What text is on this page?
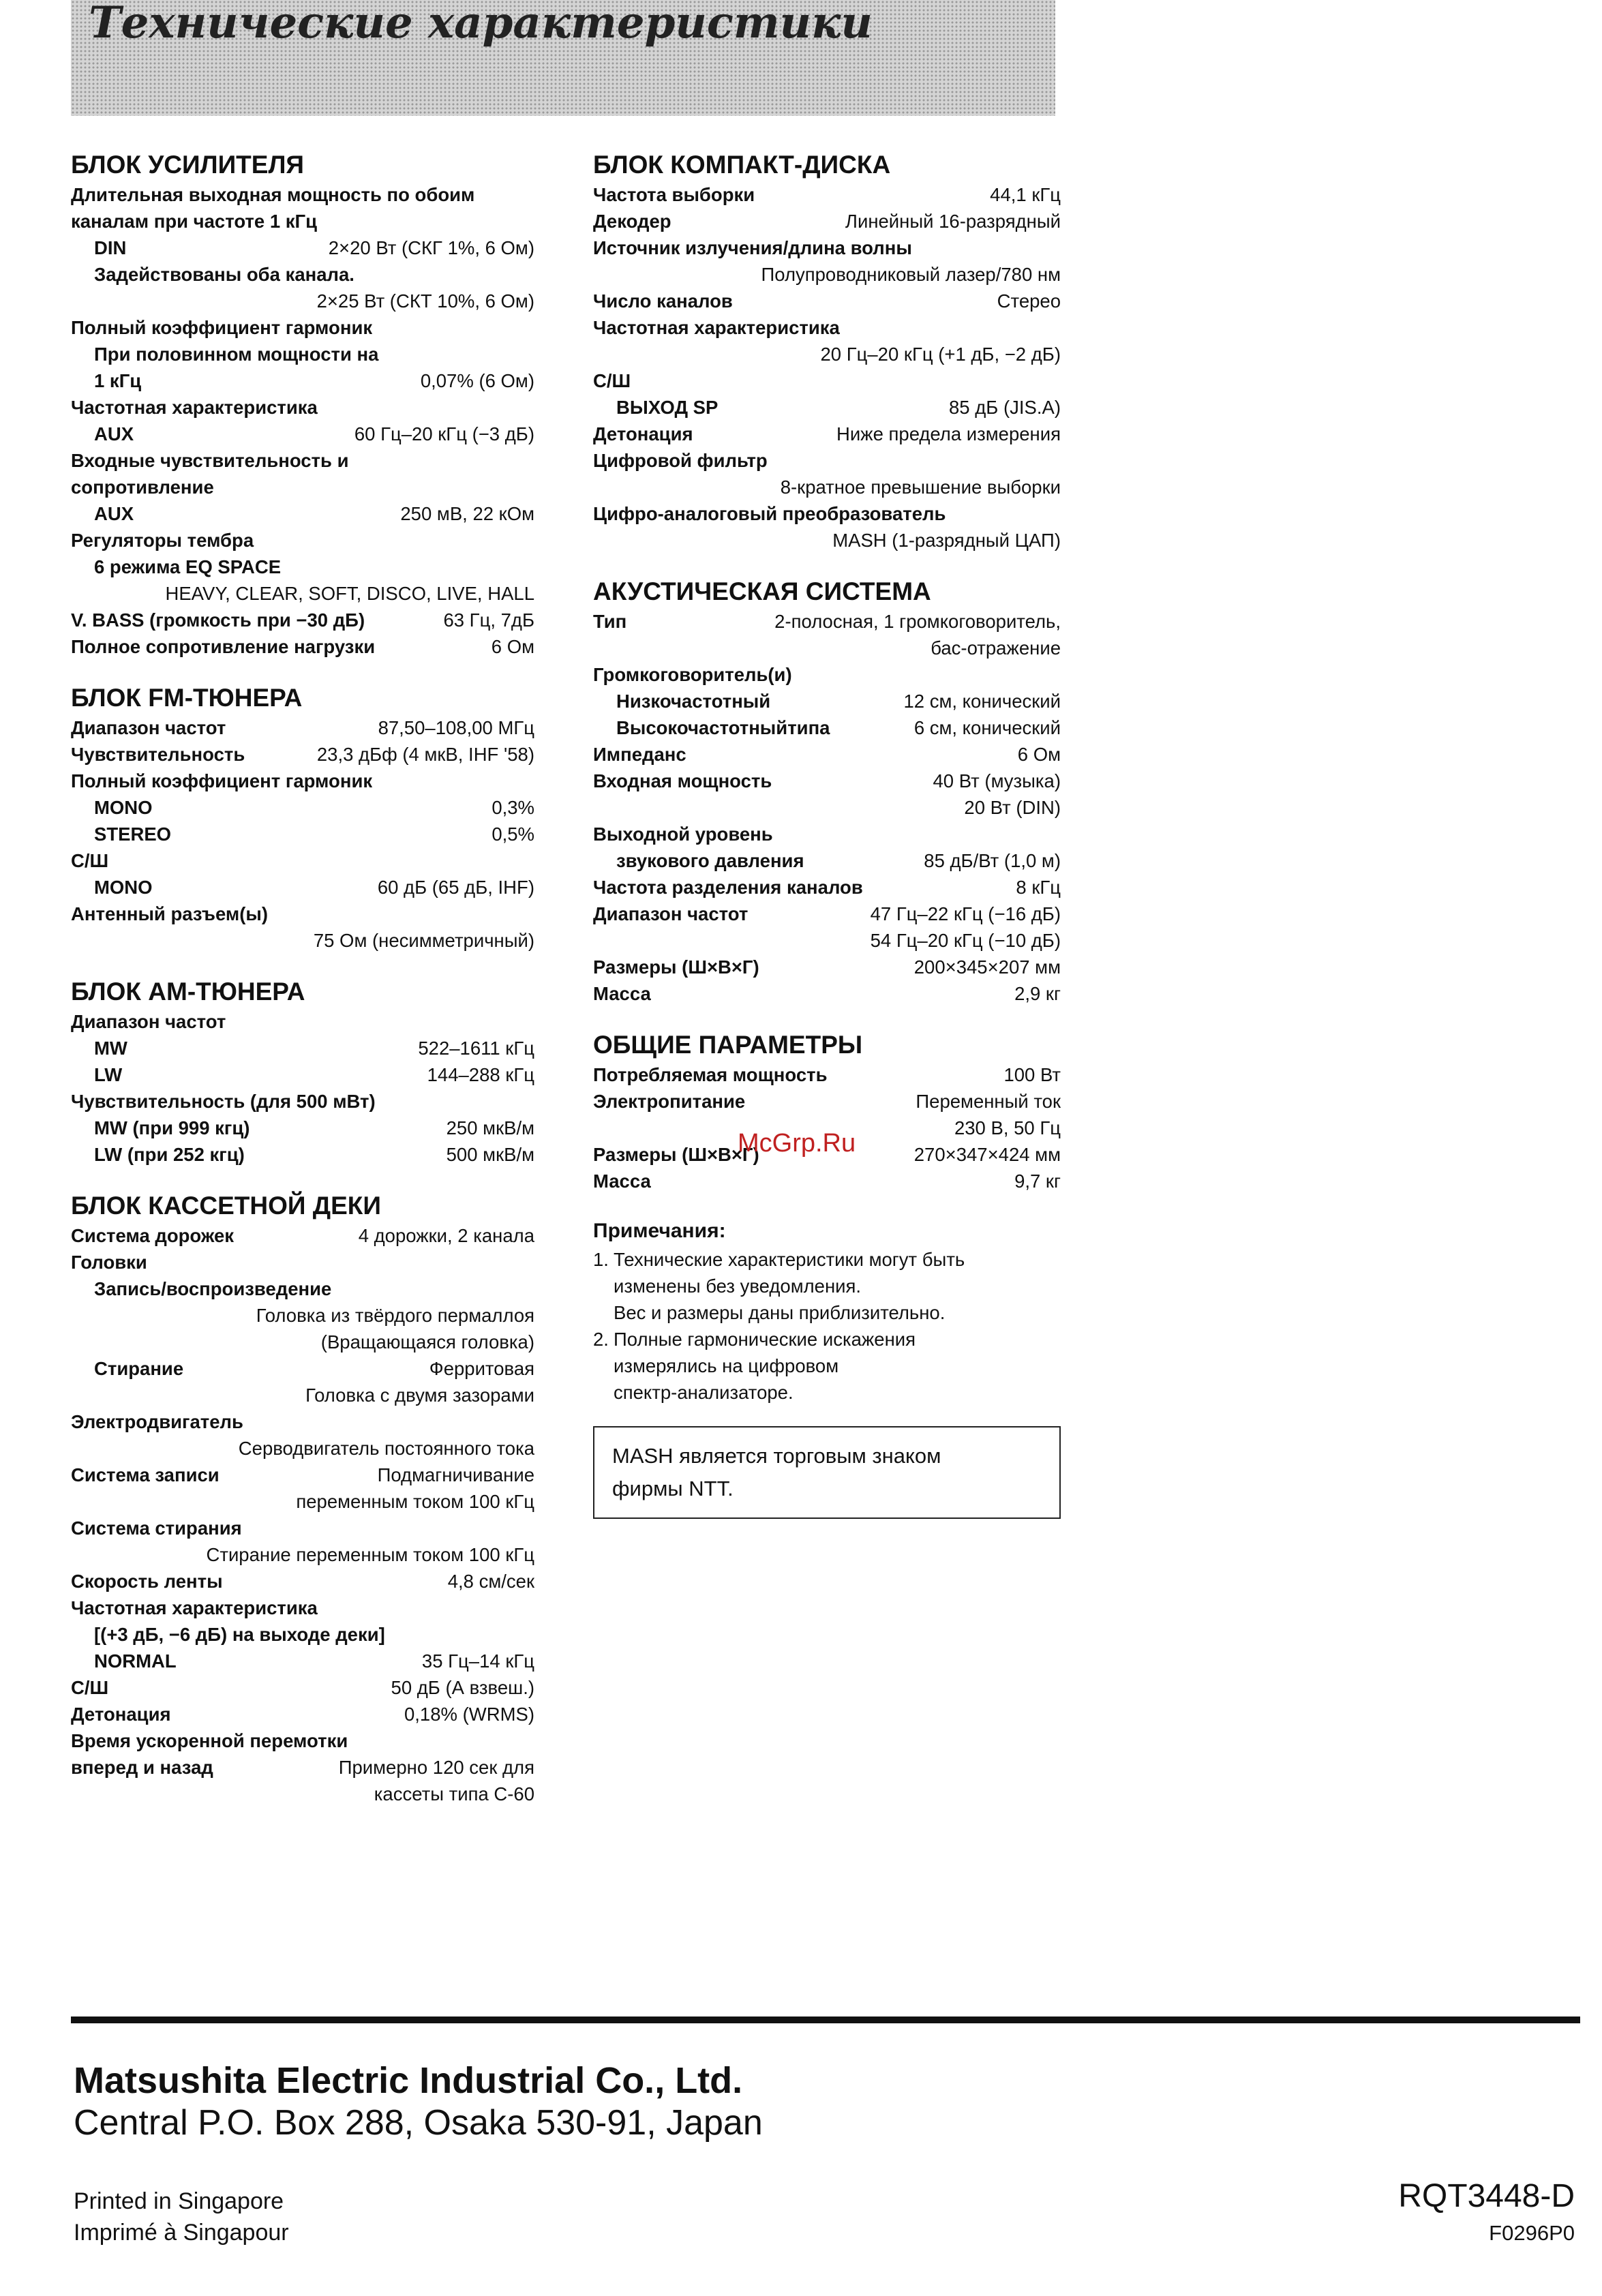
Технические характеристики
БЛОК УСИЛИТЕЛЯ
Длительная выходная мощность по обоим
каналам при частоте 1 кГц
DIN	2×20 Вт (СКГ 1%, 6 Ом)
Задействованы оба канала.
2×25 Вт (СКТ 10%, 6 Ом)
Полный коэффициент гармоник
При половинном мощности на
1 кГц	0,07% (6 Ом)
Частотная характеристика
AUX	60 Гц–20 кГц (−3 дБ)
Входные чувствительность и
сопротивление
AUX	250 мВ, 22 кОм
Регуляторы тембра
6 режима EQ SPACE
HEAVY, CLEAR, SOFT, DISCO, LIVE, HALL
V. BASS (громкость при −30 дБ)	63 Гц, 7дБ
Полное сопротивление нагрузки	6 Ом
БЛОК FM-ТЮНЕРА
Диапазон частот	87,50–108,00 МГц
Чувствительность	23,3 дБф (4 мкВ, IHF '58)
Полный коэффициент гармоник
MONO	0,3%
STEREO	0,5%
С/Ш
MONO	60 дБ (65 дБ, IHF)
Антенный разъем(ы)
75 Ом (несимметричный)
БЛОК АМ-ТЮНЕРА
Диапазон частот
MW	522–1611 кГц
LW	144–288 кГц
Чувствительность (для 500 мВт)
MW (при 999 кгц)	250 мкВ/м
LW (при 252 кгц)	500 мкВ/м
БЛОК КАССЕТНОЙ ДЕКИ
Система дорожек	4 дорожки, 2 канала
Головки
Запись/воспроизведение
Головка из твёрдого пермаллоя
(Вращающаяся головка)
Стирание	Ферритовая
Головка с двумя зазорами
Электродвигатель
Серводвигатель постоянного тока
Система записи	Подмагничивание
переменным током 100 кГц
Система стирания
Стирание переменным током 100 кГц
Скорость ленты	4,8 см/сек
Частотная характеристика
[(+3 дБ, −6 дБ) на выходе деки]
NORMAL	35 Гц–14 кГц
С/Ш	50 дБ (А взвеш.)
Детонация	0,18% (WRMS)
Время ускоренной перемотки
вперед и назад	Примерно 120 сек для
кассеты типа С-60
БЛОК КОМПАКТ-ДИСКА
Частота выборки	44,1 кГц
Декодер	Линейный 16-разрядный
Источник излучения/длина волны
Полупроводниковый лазер/780 нм
Число каналов	Стерео
Частотная характеристика
20 Гц–20 кГц (+1 дБ, −2 дБ)
С/Ш
ВЫХОД SP	85 дБ (JIS.A)
Детонация	Ниже предела измерения
Цифровой фильтр
8-кратное превышение выборки
Цифро-аналоговый преобразователь
MASH (1-разрядный ЦАП)
АКУСТИЧЕСКАЯ СИСТЕМА
Тип	2-полосная, 1 громкоговоритель,
бас-отражение
Громкоговоритель(и)
Низкочастотный	12 см, конический
Высокочастотныйтипа	6 см, конический
Импеданс	6 Ом
Входная мощность	40 Вт (музыка)
20 Вт (DIN)
Выходной уровень
звукового давления	85 дБ/Вт (1,0 м)
Частота разделения каналов	8 кГц
Диапазон частот	47 Гц–22 кГц (−16 дБ)
54 Гц–20 кГц (−10 дБ)
Размеры (Ш×В×Г)	200×345×207 мм
Масса	2,9 кг
ОБЩИЕ ПАРАМЕТРЫ
Потребляемая мощность	100 Вт
Электропитание	Переменный ток
230 В, 50 Гц
Размеры (Ш×В×Г)	270×347×424 мм
Масса	9,7 кг
Примечания:
1. Технические характеристики могут быть
изменены без уведомления.
Вес и размеры даны приблизительно.
2. Полные гармонические искажения
измерялись на цифровом
спектр-анализаторе.
MASH является торговым знаком
фирмы NTT.
McGrp.Ru
Matsushita Electric Industrial Co., Ltd.
Central P.O. Box 288, Osaka 530-91, Japan
Printed in Singapore
Imprimé à Singapour
RQT3448-D
F0296P0
